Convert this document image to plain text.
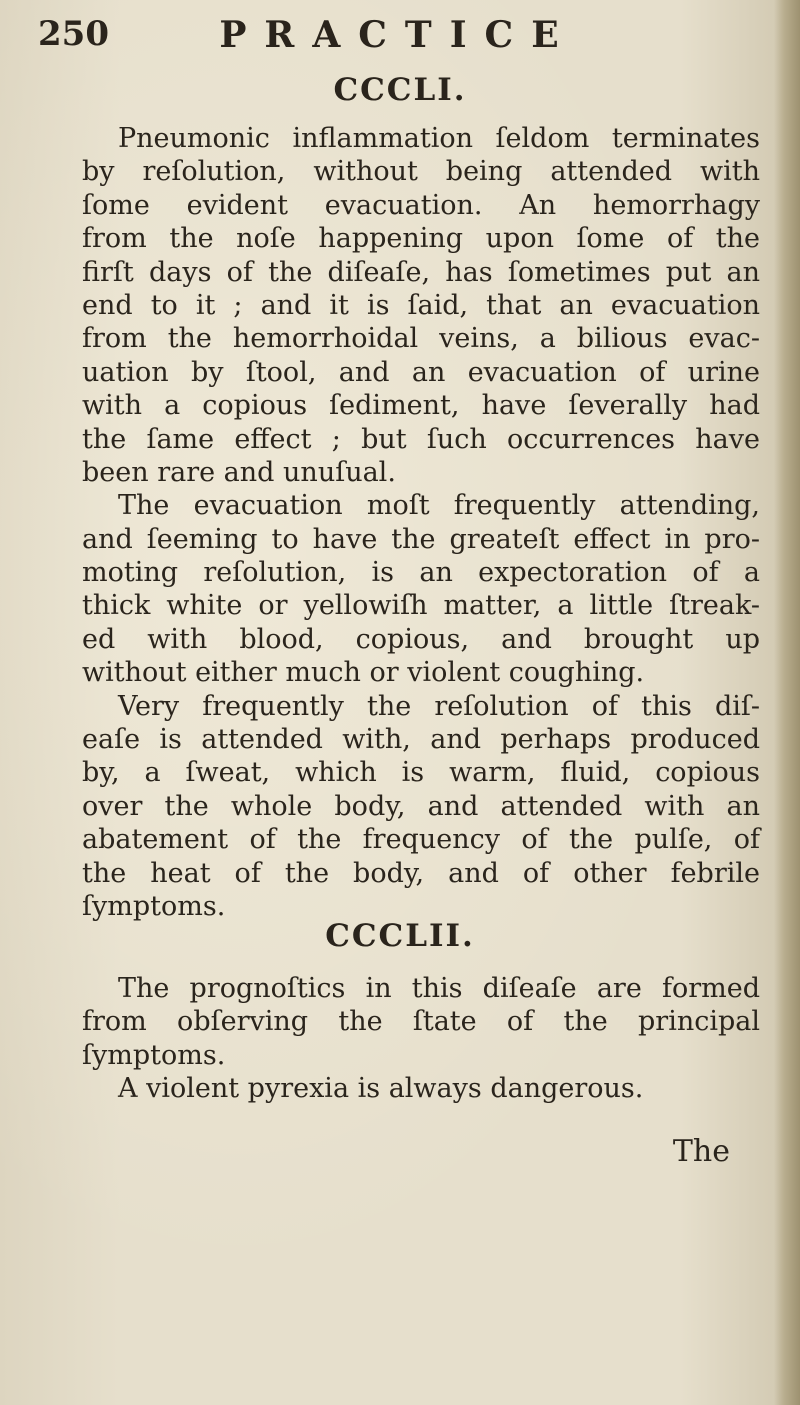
250	PRACTICE
CCCLI.
Pneumonic inflammation ſeldom terminates
by reſolution, without being attended with
ſome evident evacuation. An hemorrhagy
from the noſe happening upon ſome of the
firſt days of the diſeaſe, has ſometimes put an
end to it ; and it is ſaid, that an evacuation
from the hemorrhoidal veins, a bilious evac-
uation by ſtool, and an evacuation of urine
with a copious ſediment, have ſeverally had
the ſame effect ; but ſuch occurrences have
been rare and unuſual.
The evacuation moſt frequently attending,
and ſeeming to have the greateſt effect in pro-
moting reſolution, is an expectoration of a
thick white or yellowiſh matter, a little ſtreak-
ed with blood, copious, and brought up
without either much or violent coughing.
Very frequently the reſolution of this diſ-
eaſe is attended with, and perhaps produced
by, a ſweat, which is warm, fluid, copious
over the whole body, and attended with an
abatement of the frequency of the pulſe, of
the heat of the body, and of other febrile
ſymptoms.
CCCLII.
The prognoſtics in this diſeaſe are formed
from obſerving the ſtate of the principal
ſymptoms.
A violent pyrexia is always dangerous.
The
